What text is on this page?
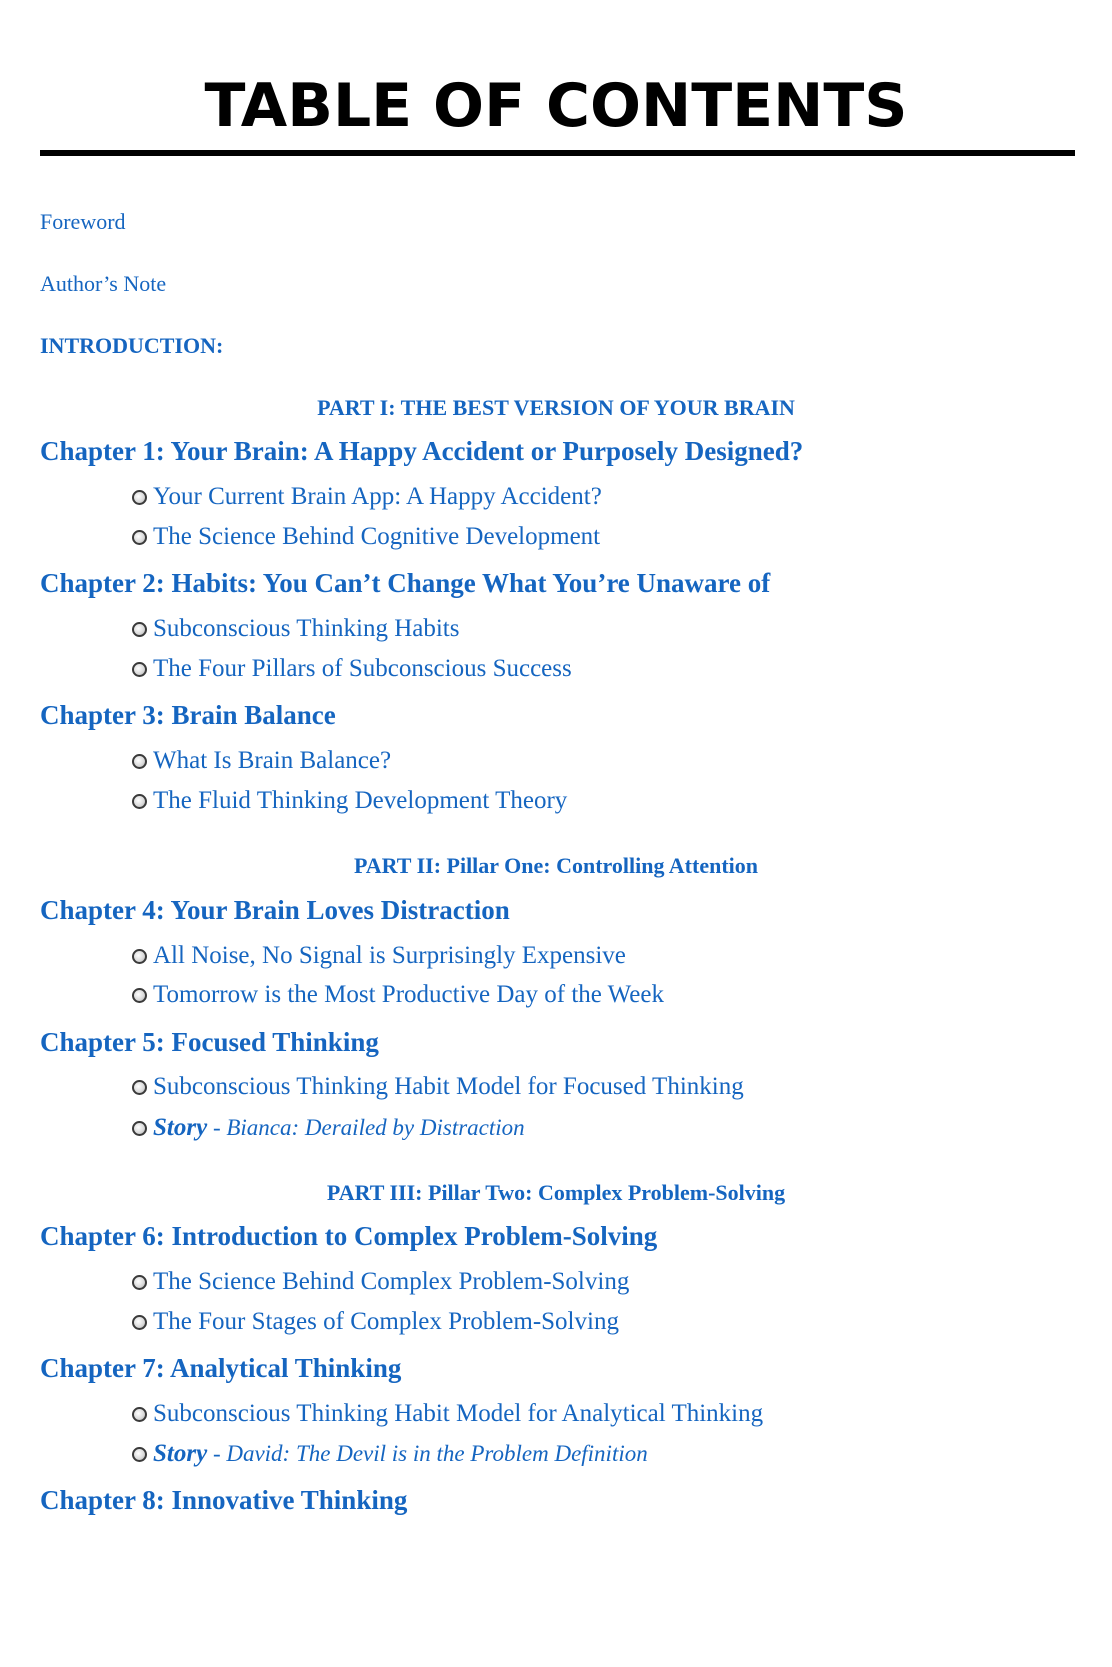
TABLE OF CONTENTS
Foreword
Author’s Note
INTRODUCTION:
PART I: THE BEST VERSION OF YOUR BRAIN
Chapter 1: Your Brain: A Happy Accident or Purposely Designed?
Your Current Brain App: A Happy Accident?
The Science Behind Cognitive Development
Chapter 2: Habits: You Can’t Change What You’re Unaware of
Subconscious Thinking Habits
The Four Pillars of Subconscious Success
Chapter 3: Brain Balance
What Is Brain Balance?
The Fluid Thinking Development Theory
PART II: Pillar One: Controlling Attention
Chapter 4: Your Brain Loves Distraction
All Noise, No Signal is Surprisingly Expensive
Tomorrow is the Most Productive Day of the Week
Chapter 5: Focused Thinking
Subconscious Thinking Habit Model for Focused Thinking
Story - Bianca: Derailed by Distraction
PART III: Pillar Two: Complex Problem-Solving
Chapter 6: Introduction to Complex Problem-Solving
The Science Behind Complex Problem-Solving
The Four Stages of Complex Problem-Solving
Chapter 7: Analytical Thinking
Subconscious Thinking Habit Model for Analytical Thinking
Story - David: The Devil is in the Problem Definition
Chapter 8: Innovative Thinking
